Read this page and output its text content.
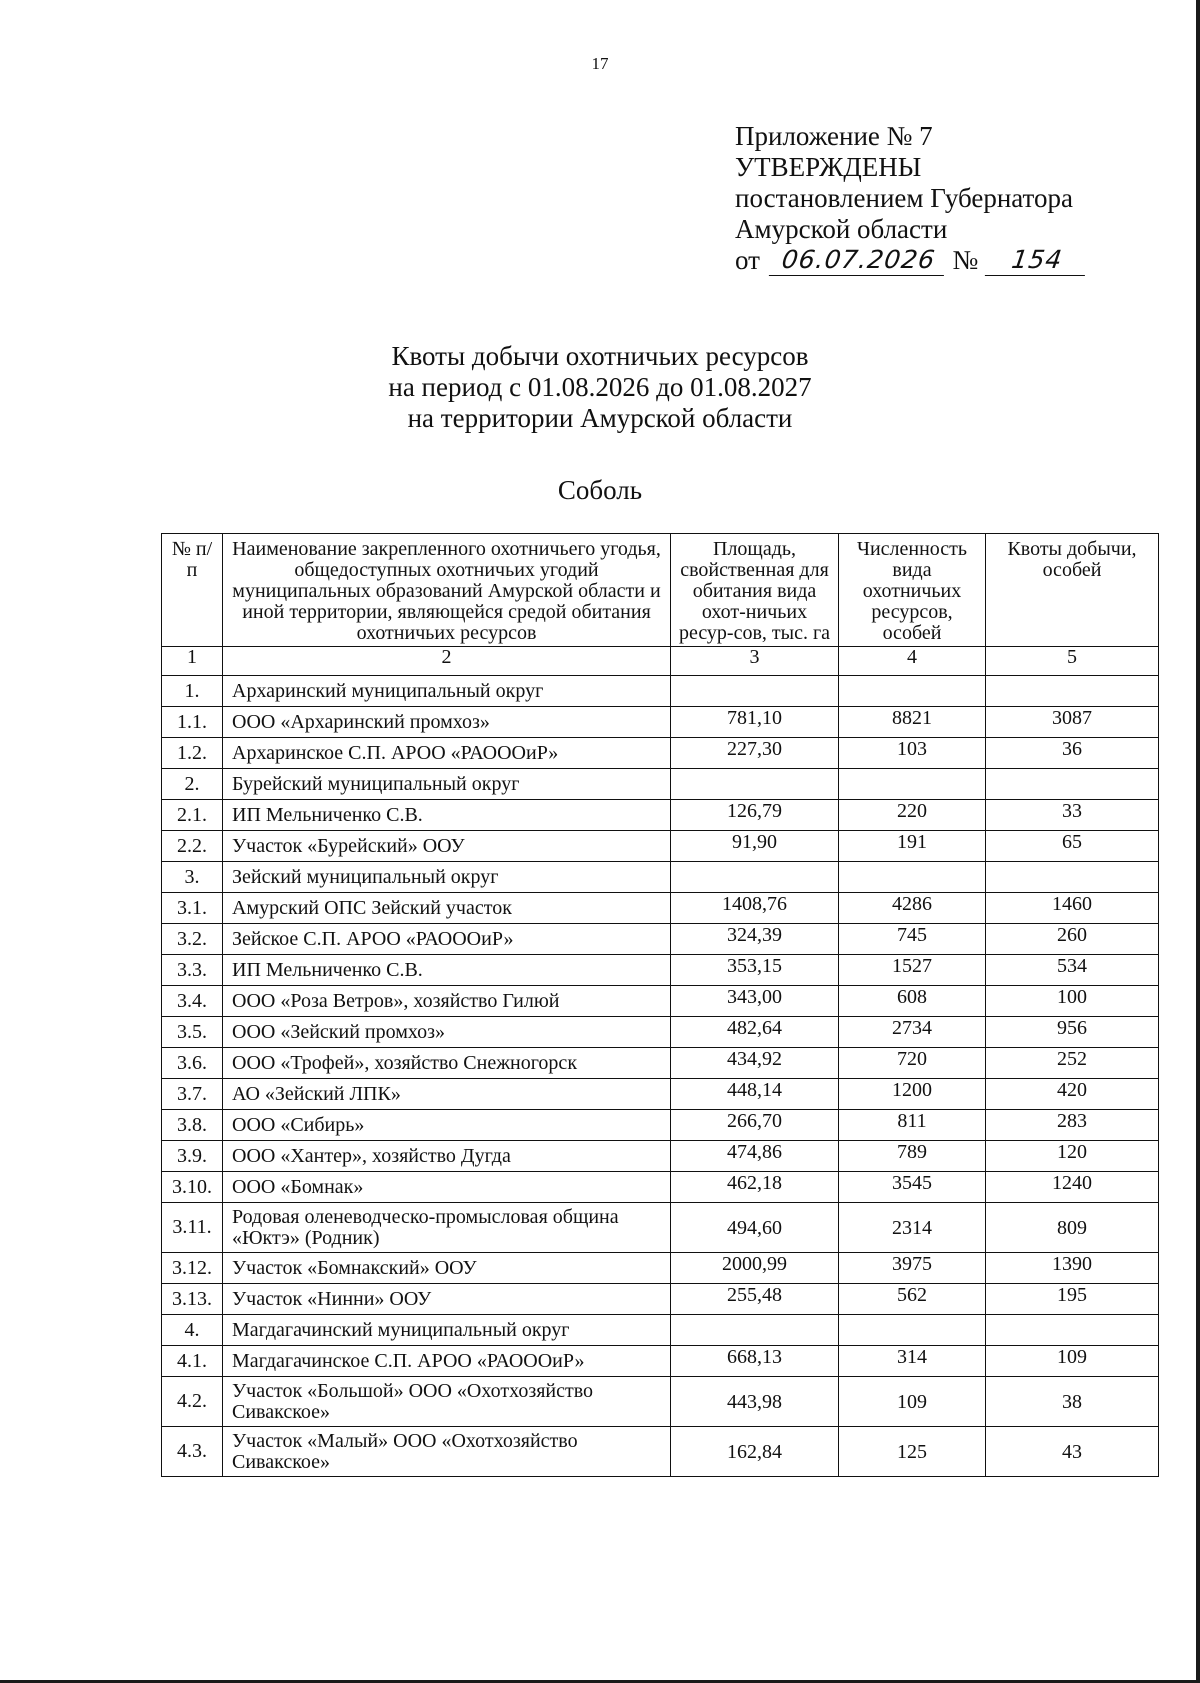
17
Приложение № 7
УТВЕРЖДЕНЫ
постановлением Губернатора
Амурской области
от 06.07.2026 № 154
Квоты добычи охотничьих ресурсов
на период с 01.08.2026 до 01.08.2027
на территории Амурской области
Соболь
№ п/п	Наименование закрепленного охотничьего угодья, общедоступных охотничьих угодий муниципальных образований Амурской области и иной территории, являющейся средой обитания охотничьих ресурсов	Площадь, свойственная для обитания вида охот-ничьих ресур-сов, тыс. га	Численность вида охотничьих ресурсов, особей	Квоты добычи, особей
1	2	3	4	5
1.	Архаринский муниципальный округ			
1.1.	ООО «Архаринский промхоз»	781,10	8821	3087
1.2.	Архаринское С.П. АРОО «РАОООиР»	227,30	103	36
2.	Бурейский муниципальный округ			
2.1.	ИП Мельниченко С.В.	126,79	220	33
2.2.	Участок «Бурейский» ООУ	91,90	191	65
3.	Зейский муниципальный округ			
3.1.	Амурский ОПС Зейский участок	1408,76	4286	1460
3.2.	Зейское С.П. АРОО «РАОООиР»	324,39	745	260
3.3.	ИП Мельниченко С.В.	353,15	1527	534
3.4.	ООО «Роза Ветров», хозяйство Гилюй	343,00	608	100
3.5.	ООО «Зейский промхоз»	482,64	2734	956
3.6.	ООО «Трофей», хозяйство Снежногорск	434,92	720	252
3.7.	АО «Зейский ЛПК»	448,14	1200	420
3.8.	ООО «Сибирь»	266,70	811	283
3.9.	ООО «Хантер», хозяйство Дугда	474,86	789	120
3.10.	ООО «Бомнак»	462,18	3545	1240
3.11.	Родовая оленеводческо-промысловая община «Юктэ» (Родник)	494,60	2314	809
3.12.	Участок «Бомнакский» ООУ	2000,99	3975	1390
3.13.	Участок «Нинни» ООУ	255,48	562	195
4.	Магдагачинский муниципальный округ			
4.1.	Магдагачинское С.П. АРОО «РАОООиР»	668,13	314	109
4.2.	Участок «Большой» ООО «Охотхозяйство Сивакское»	443,98	109	38
4.3.	Участок «Малый» ООО «Охотхозяйство Сивакское»	162,84	125	43
